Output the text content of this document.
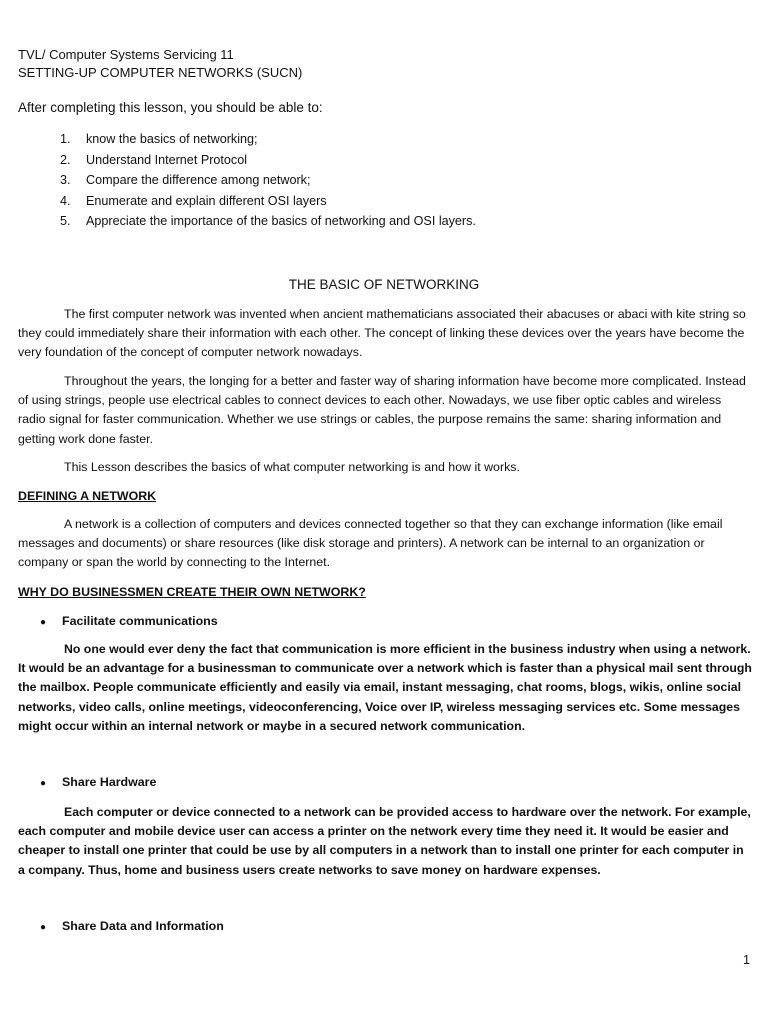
TVL/ Computer Systems Servicing 11
SETTING-UP COMPUTER NETWORKS (SUCN)
After completing this lesson, you should be able to:
1. know the basics of networking;
2. Understand Internet Protocol
3. Compare the difference among network;
4. Enumerate and explain different OSI layers
5. Appreciate the importance of the basics of networking and OSI layers.
THE BASIC OF NETWORKING

The first computer network was invented when ancient mathematicians associated their abacuses or abaci with kite string so they could immediately share their information with each other. The concept of linking these devices over the years have become the very foundation of the concept of computer network nowadays.

Throughout the years, the longing for a better and faster way of sharing information have become more complicated. Instead of using strings, people use electrical cables to connect devices to each other. Nowadays, we use fiber optic cables and wireless radio signal for faster communication. Whether we use strings or cables, the purpose remains the same: sharing information and getting work done faster.

This Lesson describes the basics of what computer networking is and how it works.

DEFINING A NETWORK

A network is a collection of computers and devices connected together so that they can exchange information (like email messages and documents) or share resources (like disk storage and printers). A network can be internal to an organization or company or span the world by connecting to the Internet.

WHY DO BUSINESSMEN CREATE THEIR OWN NETWORK?
● Facilitate communications

No one would ever deny the fact that communication is more efficient in the business industry when using a network. It would be an advantage for a businessman to communicate over a network which is faster than a physical mail sent through the mailbox. People communicate efficiently and easily via email, instant messaging, chat rooms, blogs, wikis, online social networks, video calls, online meetings, videoconferencing, Voice over IP, wireless messaging services etc. Some messages might occur within an internal network or maybe in a secured network communication.

● Share Hardware

Each computer or device connected to a network can be provided access to hardware over the network. For example, each computer and mobile device user can access a printer on the network every time they need it. It would be easier and cheaper to install one printer that could be use by all computers in a network than to install one printer for each computer in a company. Thus, home and business users create networks to save money on hardware expenses.

● Share Data and Information
1
